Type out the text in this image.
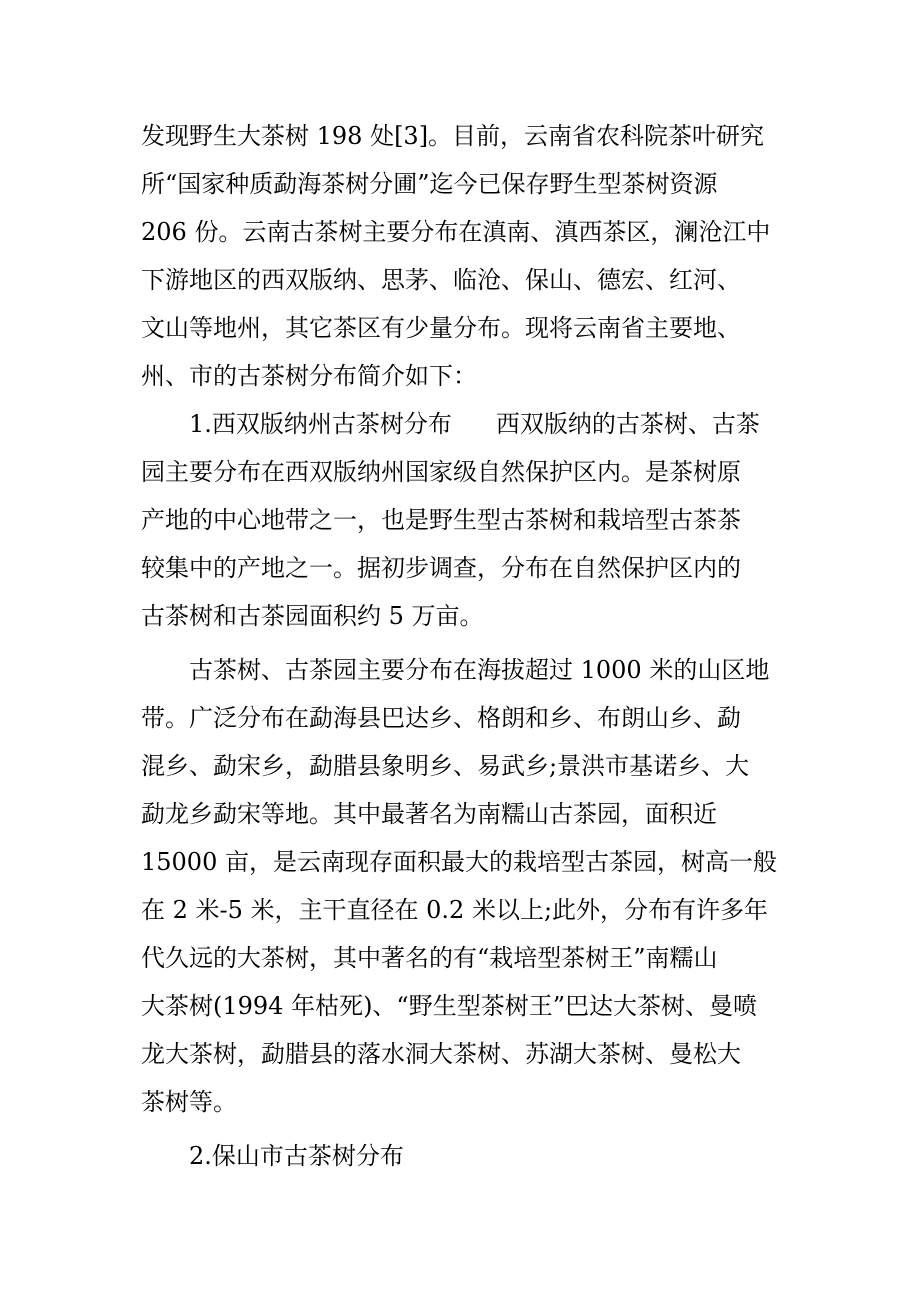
发现野生大茶树 198 处[3]。目前，云南省农科院茶叶研究
所“国家种质勐海茶树分圃”迄今已保存野生型茶树资源
206 份。云南古茶树主要分布在滇南、滇西茶区，澜沧江中
下游地区的西双版纳、思茅、临沧、保山、德宏、红河、
文山等地州，其它茶区有少量分布。现将云南省主要地、
州、市的古茶树分布简介如下：

1.西双版纳州古茶树分布 西双版纳的古茶树、古茶
园主要分布在西双版纳州国家级自然保护区内。是茶树原
产地的中心地带之一，也是野生型古茶树和栽培型古茶茶
较集中的产地之一。据初步调查，分布在自然保护区内的
古茶树和古茶园面积约 5 万亩。

古茶树、古茶园主要分布在海拔超过 1000 米的山区地
带。广泛分布在勐海县巴达乡、格朗和乡、布朗山乡、勐
混乡、勐宋乡，勐腊县象明乡、易武乡;景洪市基诺乡、大
勐龙乡勐宋等地。其中最著名为南糯山古茶园，面积近
15000 亩，是云南现存面积最大的栽培型古茶园，树高一般
在 2 米-5 米，主干直径在 0.2 米以上;此外，分布有许多年
代久远的大茶树，其中著名的有“栽培型茶树王”南糯山
大茶树(1994 年枯死)、“野生型茶树王”巴达大茶树、曼喷
龙大茶树，勐腊县的落水洞大茶树、苏湖大茶树、曼松大
茶树等。

2.保山市古茶树分布
